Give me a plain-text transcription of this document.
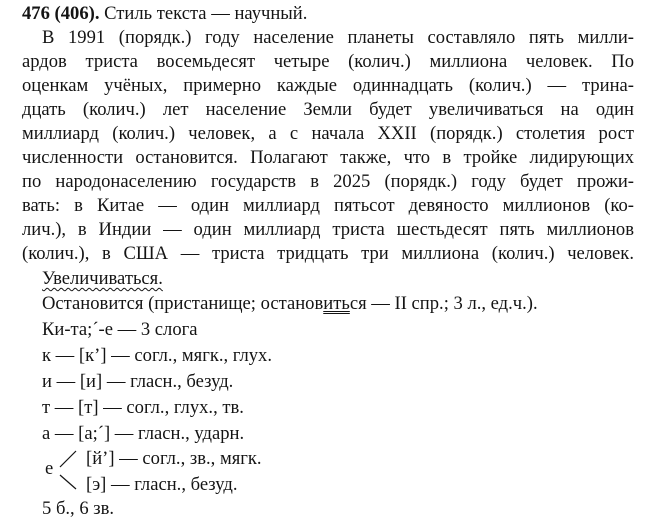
476 (406). Стиль текста — научный.
В 1991 (порядк.) году население планеты составляло пять милли-
ардов триста восемьдесят четыре (колич.) миллиона человек. По
оценкам учёных, примерно каждые одиннадцать (колич.) — трина-
дцать (колич.) лет население Земли будет увеличиваться на один
миллиард (колич.) человек, а с начала XXII (порядк.) столетия рост
численности остановится. Полагают также, что в тройке лидирующих
по народонаселению государств в 2025 (порядк.) году будет прожи-
вать: в Китае — один миллиард пятьсот девяносто миллионов (ко-
лич.), в Индии — один миллиард триста шестьдесят пять миллионов
(колич.), в США — триста тридцать три миллиона (колич.) человек.
Увеличиваться.
Остановится (пристанище; остановиться — II спр.; 3 л., ед.ч.).
Ки-та;´-е — 3 слога
к — [к’] — согл., мягк., глух.
и — [и] — гласн., безуд.
т — [т] — согл., глух., тв.
а — [а;´] — гласн., ударн.
е [й’] — согл., зв., мягк.
[э] — гласн., безуд.
5 б., 6 зв.
